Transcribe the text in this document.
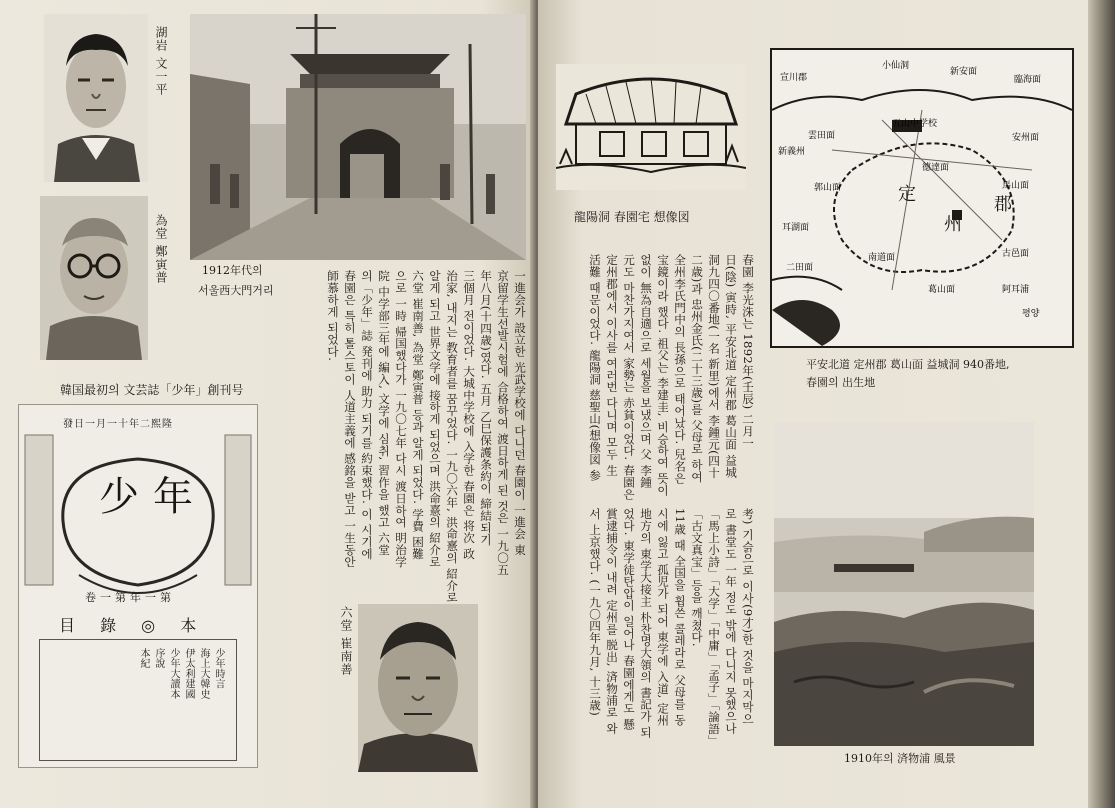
湖岩 文一平
為堂 鄭寅普	1912年代의
서울西大門거리	一進会가 設立한 光武学校에 다니던 春園이 一進会 東
京留学生선발시험에 合格하여 渡日하게 된 것은 一九〇五
年八月(十四歳)였다. 五月 乙巳保護条約이 締結되기
三個月 전이었다. 大城中学校에 入学한 春園은 将次 政
治家, 내지는 教育者를 꿈꾸었다. 一九〇六年, 洪命憙의 紹介로
알게 되고 世界文学에 接하게 되었으며 洪命憙의 紹介로
六堂 崔南善, 為堂 鄭寅普 등과 알게 되었다. 学費 困難
으로 一時 帰国했다가 一九〇七年 다시 渡日하여 明治学
院 中学部三年에 編入, 文学에 심취, 習作을 했고 六堂
의「少年」誌 発刊에 助力 되기를 約束했다. 이 시기에
春園은 특히 톨스토이 人道主義에 感銘을 받고 一生동안
師慕하게 되었다.
韓国最初의 文芸誌「少年」創刊号
發日一月一十年二熙隆
少年
卷一第年一第
目 錄 ◎ 本
少年時言
海上大韓史
伊太利建國
少年大讀本
序說
本紀	六堂 崔南善
龍陽洞 春園宅 想像図
定
州
郡
宣川郡
小仙洞
新安面
臨海面
安州面
雲田面
新義州
五山中学校
古邑面
葛山面
馬山面
德達面
郭山面
耳湖面
二田面
南道面
阿耳浦
평양
平安北道 定州郡 葛山面 益城洞 940番地,
春園의 出生地
春園 李光洙는 1892年(壬辰) 二月一
日(陰) 寅時, 平安北道 定州郡 葛山面 益城
洞九四〇番地(一名 新里)에서 李鍾元(四十
二歳)과 忠州金氏(二十三歳)를 父母로 하여
全州李氏門中의 長孫으로 태어났다. 兒名은
宝鏡이라 했다. 祖父는 李建圭, 비승하여 뜻이
없이 無為自適으로 세월을 보냈으며 父 李鍾
元도 마찬가지여서 家勢는 赤貧이었다. 春園은
定州郡에서 이사를 여러번 다니며 모두 生
活難 때문이었다. 龍陽洞 慈聖山(想像図 参
考) 기슭으로 이사(9才)한 것을 마지막으
로 書堂도 一年 정도 밖에 다니지 못했으나
「馬上小詩」「大学」「中庸」「孟子」「論語」
「古文真宝」등을 깨쳤다.
11歳 때 全国을 휩쓴 콜레라로 父母를 동
시에 잃고 孤児가 되어 東学에 入道, 定州
地方의 東学大接主 朴찬명大領의 書記가 되
었다. 東学徒탄압이 일어나 春園에게도 懸
賞逮捕令이 내려 定州를 脱出, 済物浦로 와
서 上京했다. (一九〇四年九月, 十三歳)
1910年의 済物浦 風景
